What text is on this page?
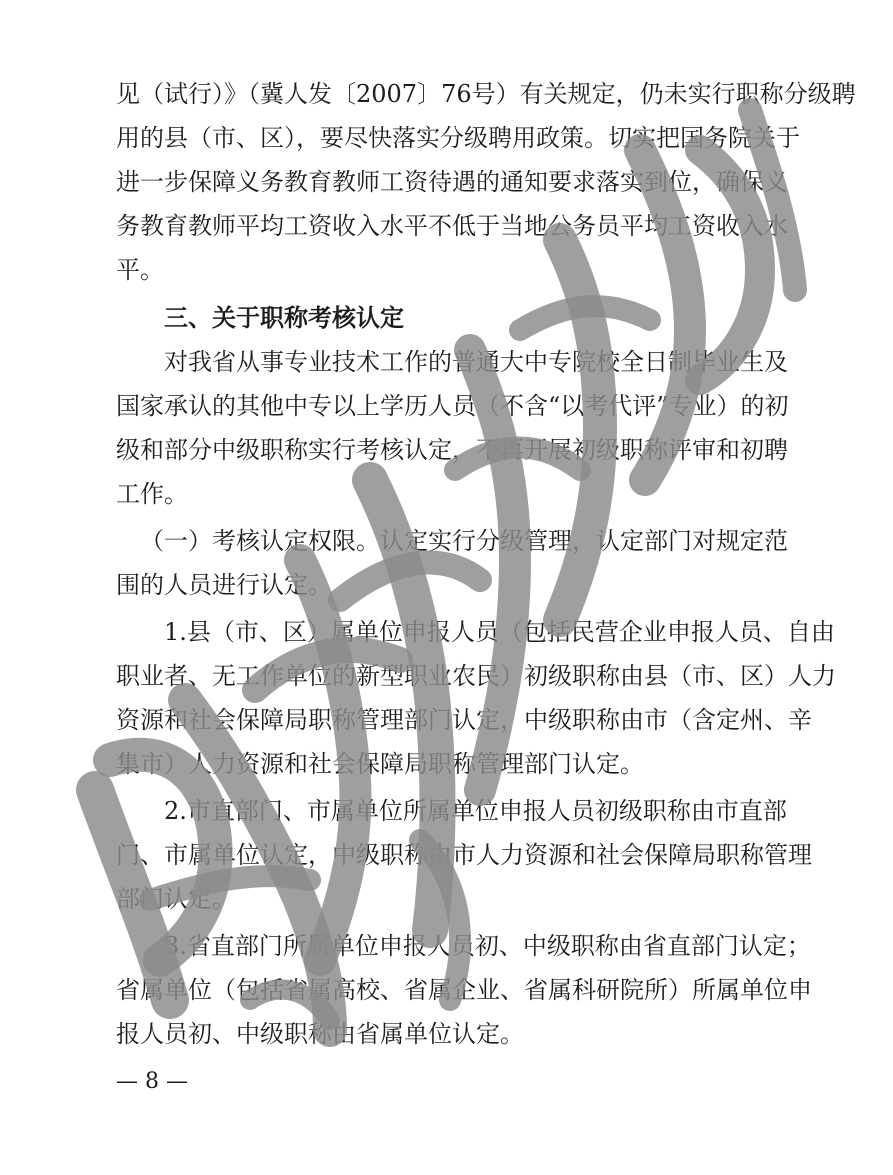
见（试行）》（冀人发〔2007〕76号）有关规定，仍未实行职称分级聘
用的县（市、区），要尽快落实分级聘用政策。切实把国务院关于
进一步保障义务教育教师工资待遇的通知要求落实到位，确保义
务教育教师平均工资收入水平不低于当地公务员平均工资收入水
平。
三、关于职称考核认定
对我省从事专业技术工作的普通大中专院校全日制毕业生及
国家承认的其他中专以上学历人员（不含“以考代评”专业）的初
级和部分中级职称实行考核认定，不再开展初级职称评审和初聘
工作。
（一）考核认定权限。认定实行分级管理，认定部门对规定范
围的人员进行认定。
1.县（市、区）属单位申报人员（包括民营企业申报人员、自由
职业者、无工作单位的新型职业农民）初级职称由县（市、区）人力
资源和社会保障局职称管理部门认定，中级职称由市（含定州、辛
集市）人力资源和社会保障局职称管理部门认定。
2.市直部门、市属单位所属单位申报人员初级职称由市直部
门、市属单位认定，中级职称由市人力资源和社会保障局职称管理
部门认定。
3.省直部门所属单位申报人员初、中级职称由省直部门认定；
省属单位（包括省属高校、省属企业、省属科研院所）所属单位申
报人员初、中级职称由省属单位认定。
— 8 —
